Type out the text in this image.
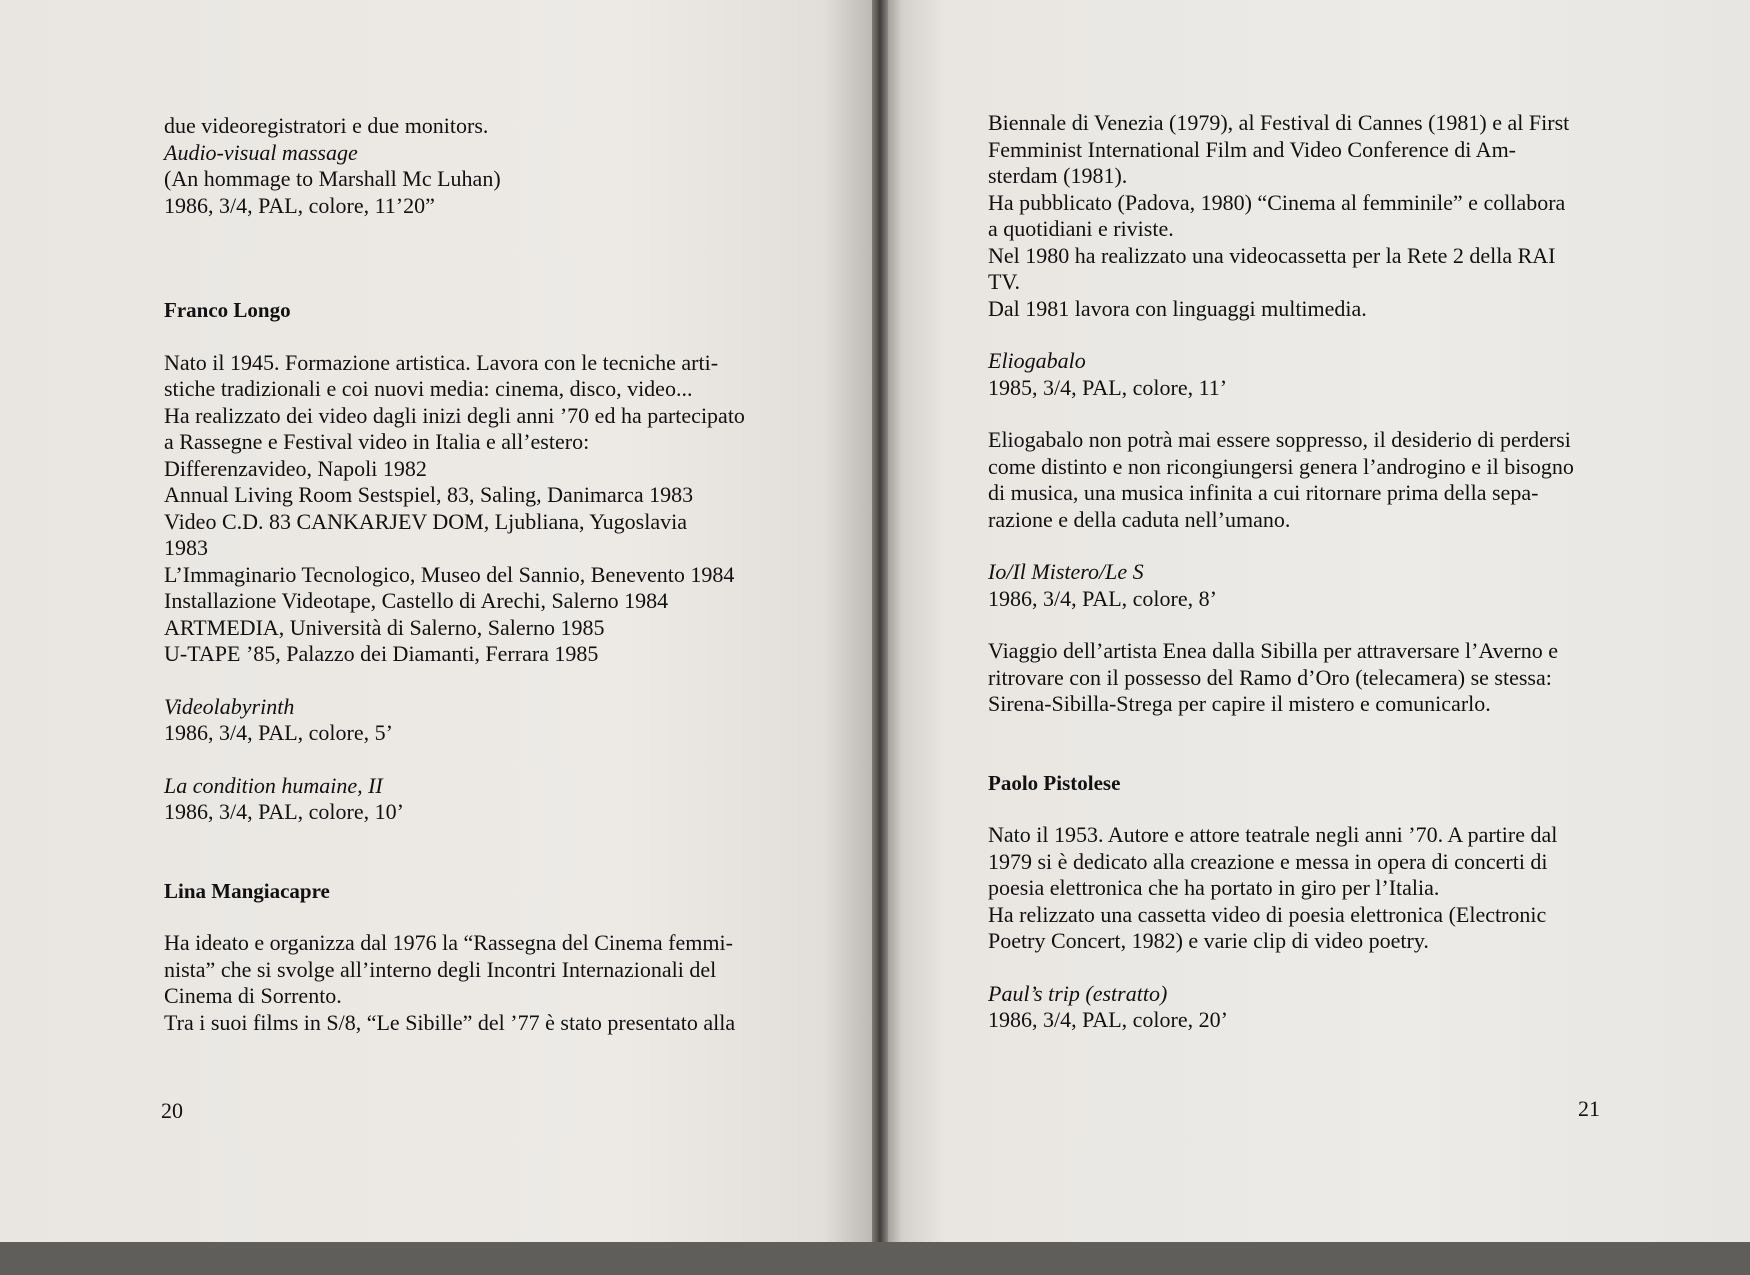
due videoregistratori e due monitors.

Audio-visual massage

(An hommage to Marshall Mc Luhan)

1986, 3/4, PAL, colore, 11’20”

Franco Longo

Nato il 1945. Formazione artistica. Lavora con le tecniche arti-

stiche tradizionali e coi nuovi media: cinema, disco, video...

Ha realizzato dei video dagli inizi degli anni ’70 ed ha partecipato

a Rassegne e Festival video in Italia e all’estero:

Differenzavideo, Napoli 1982

Annual Living Room Sestspiel, 83, Saling, Danimarca 1983

Video C.D. 83 CANKARJEV DOM, Ljubliana, Yugoslavia

1983

L’Immaginario Tecnologico, Museo del Sannio, Benevento 1984

Installazione Videotape, Castello di Arechi, Salerno 1984

ARTMEDIA, Università di Salerno, Salerno 1985

U-TAPE ’85, Palazzo dei Diamanti, Ferrara 1985

Videolabyrinth

1986, 3/4, PAL, colore, 5’

La condition humaine, II

1986, 3/4, PAL, colore, 10’

Lina Mangiacapre

Ha ideato e organizza dal 1976 la “Rassegna del Cinema femmi-

nista” che si svolge all’interno degli Incontri Internazionali del

Cinema di Sorrento.

Tra i suoi films in S/8, “Le Sibille” del ’77 è stato presentato alla

20

Biennale di Venezia (1979), al Festival di Cannes (1981) e al First

Femminist International Film and Video Conference di Am-

sterdam (1981).

Ha pubblicato (Padova, 1980) “Cinema al femminile” e collabora

a quotidiani e riviste.

Nel 1980 ha realizzato una videocassetta per la Rete 2 della RAI

TV.

Dal 1981 lavora con linguaggi multimedia.

Eliogabalo

1985, 3/4, PAL, colore, 11’

Eliogabalo non potrà mai essere soppresso, il desiderio di perdersi

come distinto e non ricongiungersi genera l’androgino e il bisogno

di musica, una musica infinita a cui ritornare prima della sepa-

razione e della caduta nell’umano.

Io/Il Mistero/Le S

1986, 3/4, PAL, colore, 8’

Viaggio dell’artista Enea dalla Sibilla per attraversare l’Averno e

ritrovare con il possesso del Ramo d’Oro (telecamera) se stessa:

Sirena-Sibilla-Strega per capire il mistero e comunicarlo.

Paolo Pistolese

Nato il 1953. Autore e attore teatrale negli anni ’70. A partire dal

1979 si è dedicato alla creazione e messa in opera di concerti di

poesia elettronica che ha portato in giro per l’Italia.

Ha relizzato una cassetta video di poesia elettronica (Electronic

Poetry Concert, 1982) e varie clip di video poetry.

Paul’s trip (estratto)

1986, 3/4, PAL, colore, 20’

21
